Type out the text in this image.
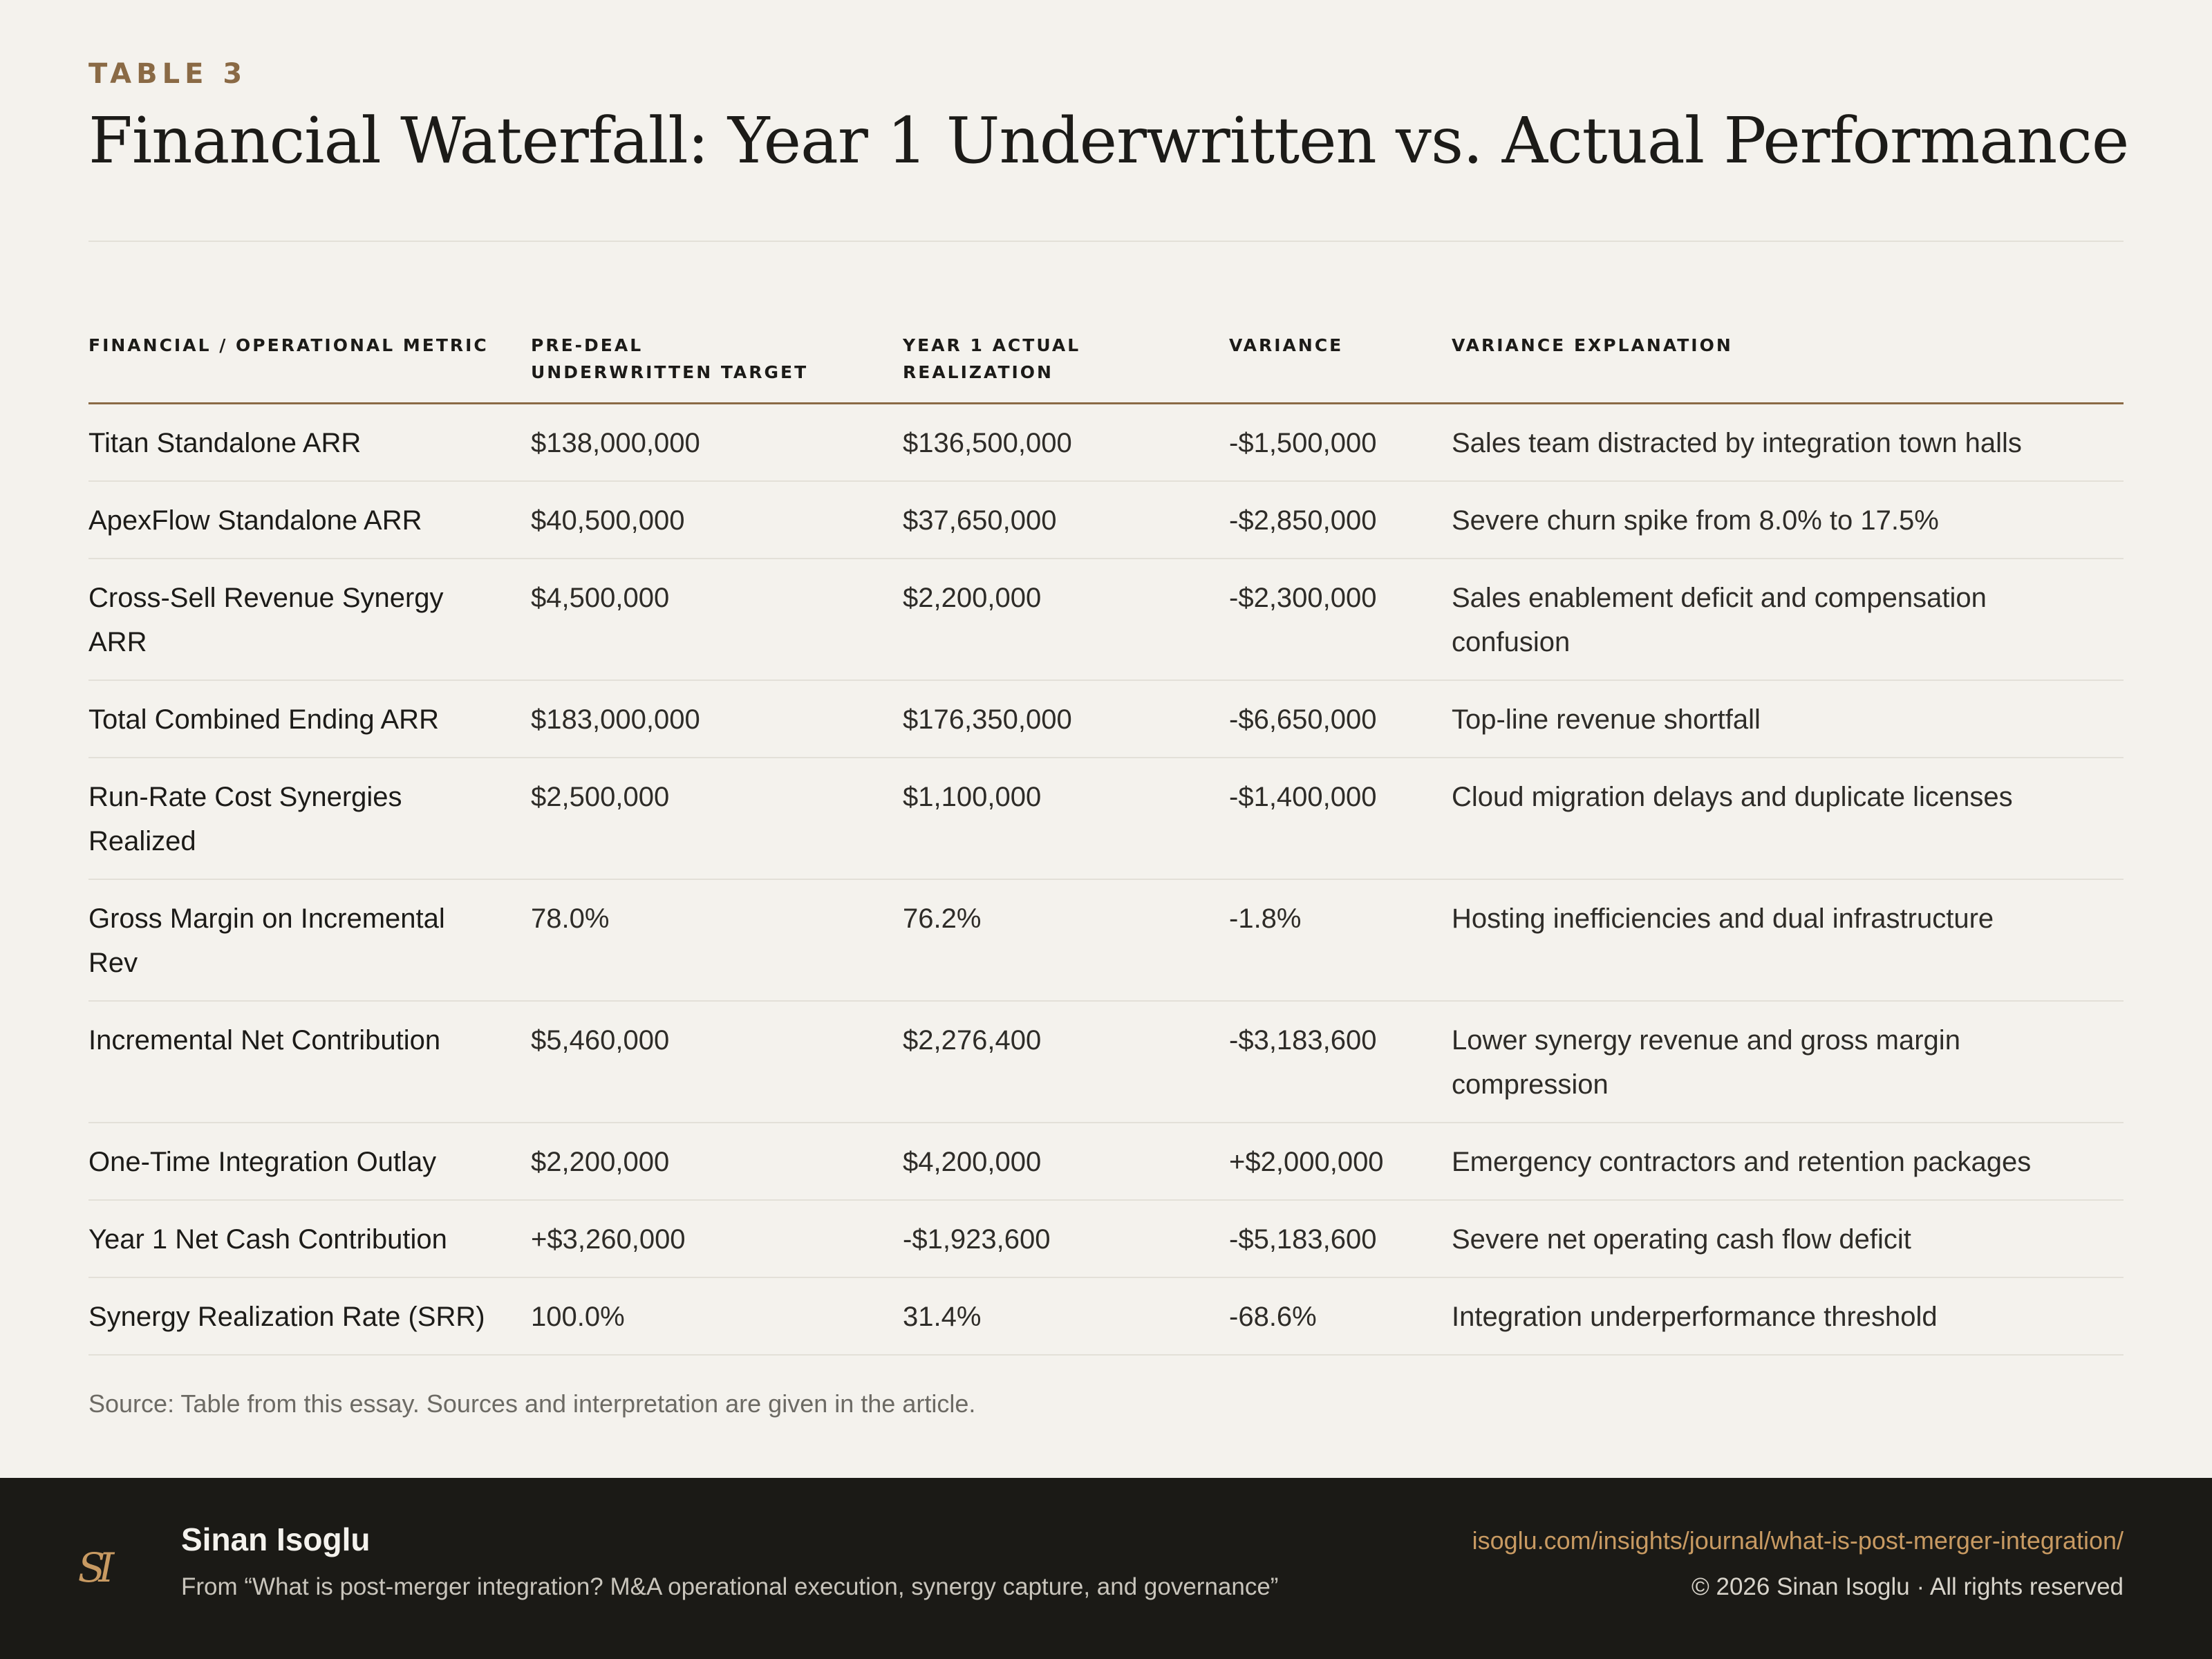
TABLE 3
Financial Waterfall: Year 1 Underwritten vs. Actual Performance
FINANCIAL / OPERATIONAL METRIC	PRE-DEAL UNDERWRITTEN TARGET	YEAR 1 ACTUAL REALIZATION	VARIANCE	VARIANCE EXPLANATION
Titan Standalone ARR	$138,000,000	$136,500,000	-$1,500,000	Sales team distracted by integration town halls
ApexFlow Standalone ARR	$40,500,000	$37,650,000	-$2,850,000	Severe churn spike from 8.0% to 17.5%
Cross-Sell Revenue Synergy ARR	$4,500,000	$2,200,000	-$2,300,000	Sales enablement deficit and compensation confusion
Total Combined Ending ARR	$183,000,000	$176,350,000	-$6,650,000	Top-line revenue shortfall
Run-Rate Cost Synergies Realized	$2,500,000	$1,100,000	-$1,400,000	Cloud migration delays and duplicate licenses
Gross Margin on Incremental Rev	78.0%	76.2%	-1.8%	Hosting inefficiencies and dual infrastructure
Incremental Net Contribution	$5,460,000	$2,276,400	-$3,183,600	Lower synergy revenue and gross margin compression
One-Time Integration Outlay	$2,200,000	$4,200,000	+$2,000,000	Emergency contractors and retention packages
Year 1 Net Cash Contribution	+$3,260,000	-$1,923,600	-$5,183,600	Severe net operating cash flow deficit
Synergy Realization Rate (SRR)	100.0%	31.4%	-68.6%	Integration underperformance threshold
Source: Table from this essay. Sources and interpretation are given in the article.
SI
Sinan Isoglu
From “What is post-merger integration? M&A operational execution, synergy capture, and governance”
isoglu.com/insights/journal/what-is-post-merger-integration/
© 2026 Sinan Isoglu · All rights reserved
